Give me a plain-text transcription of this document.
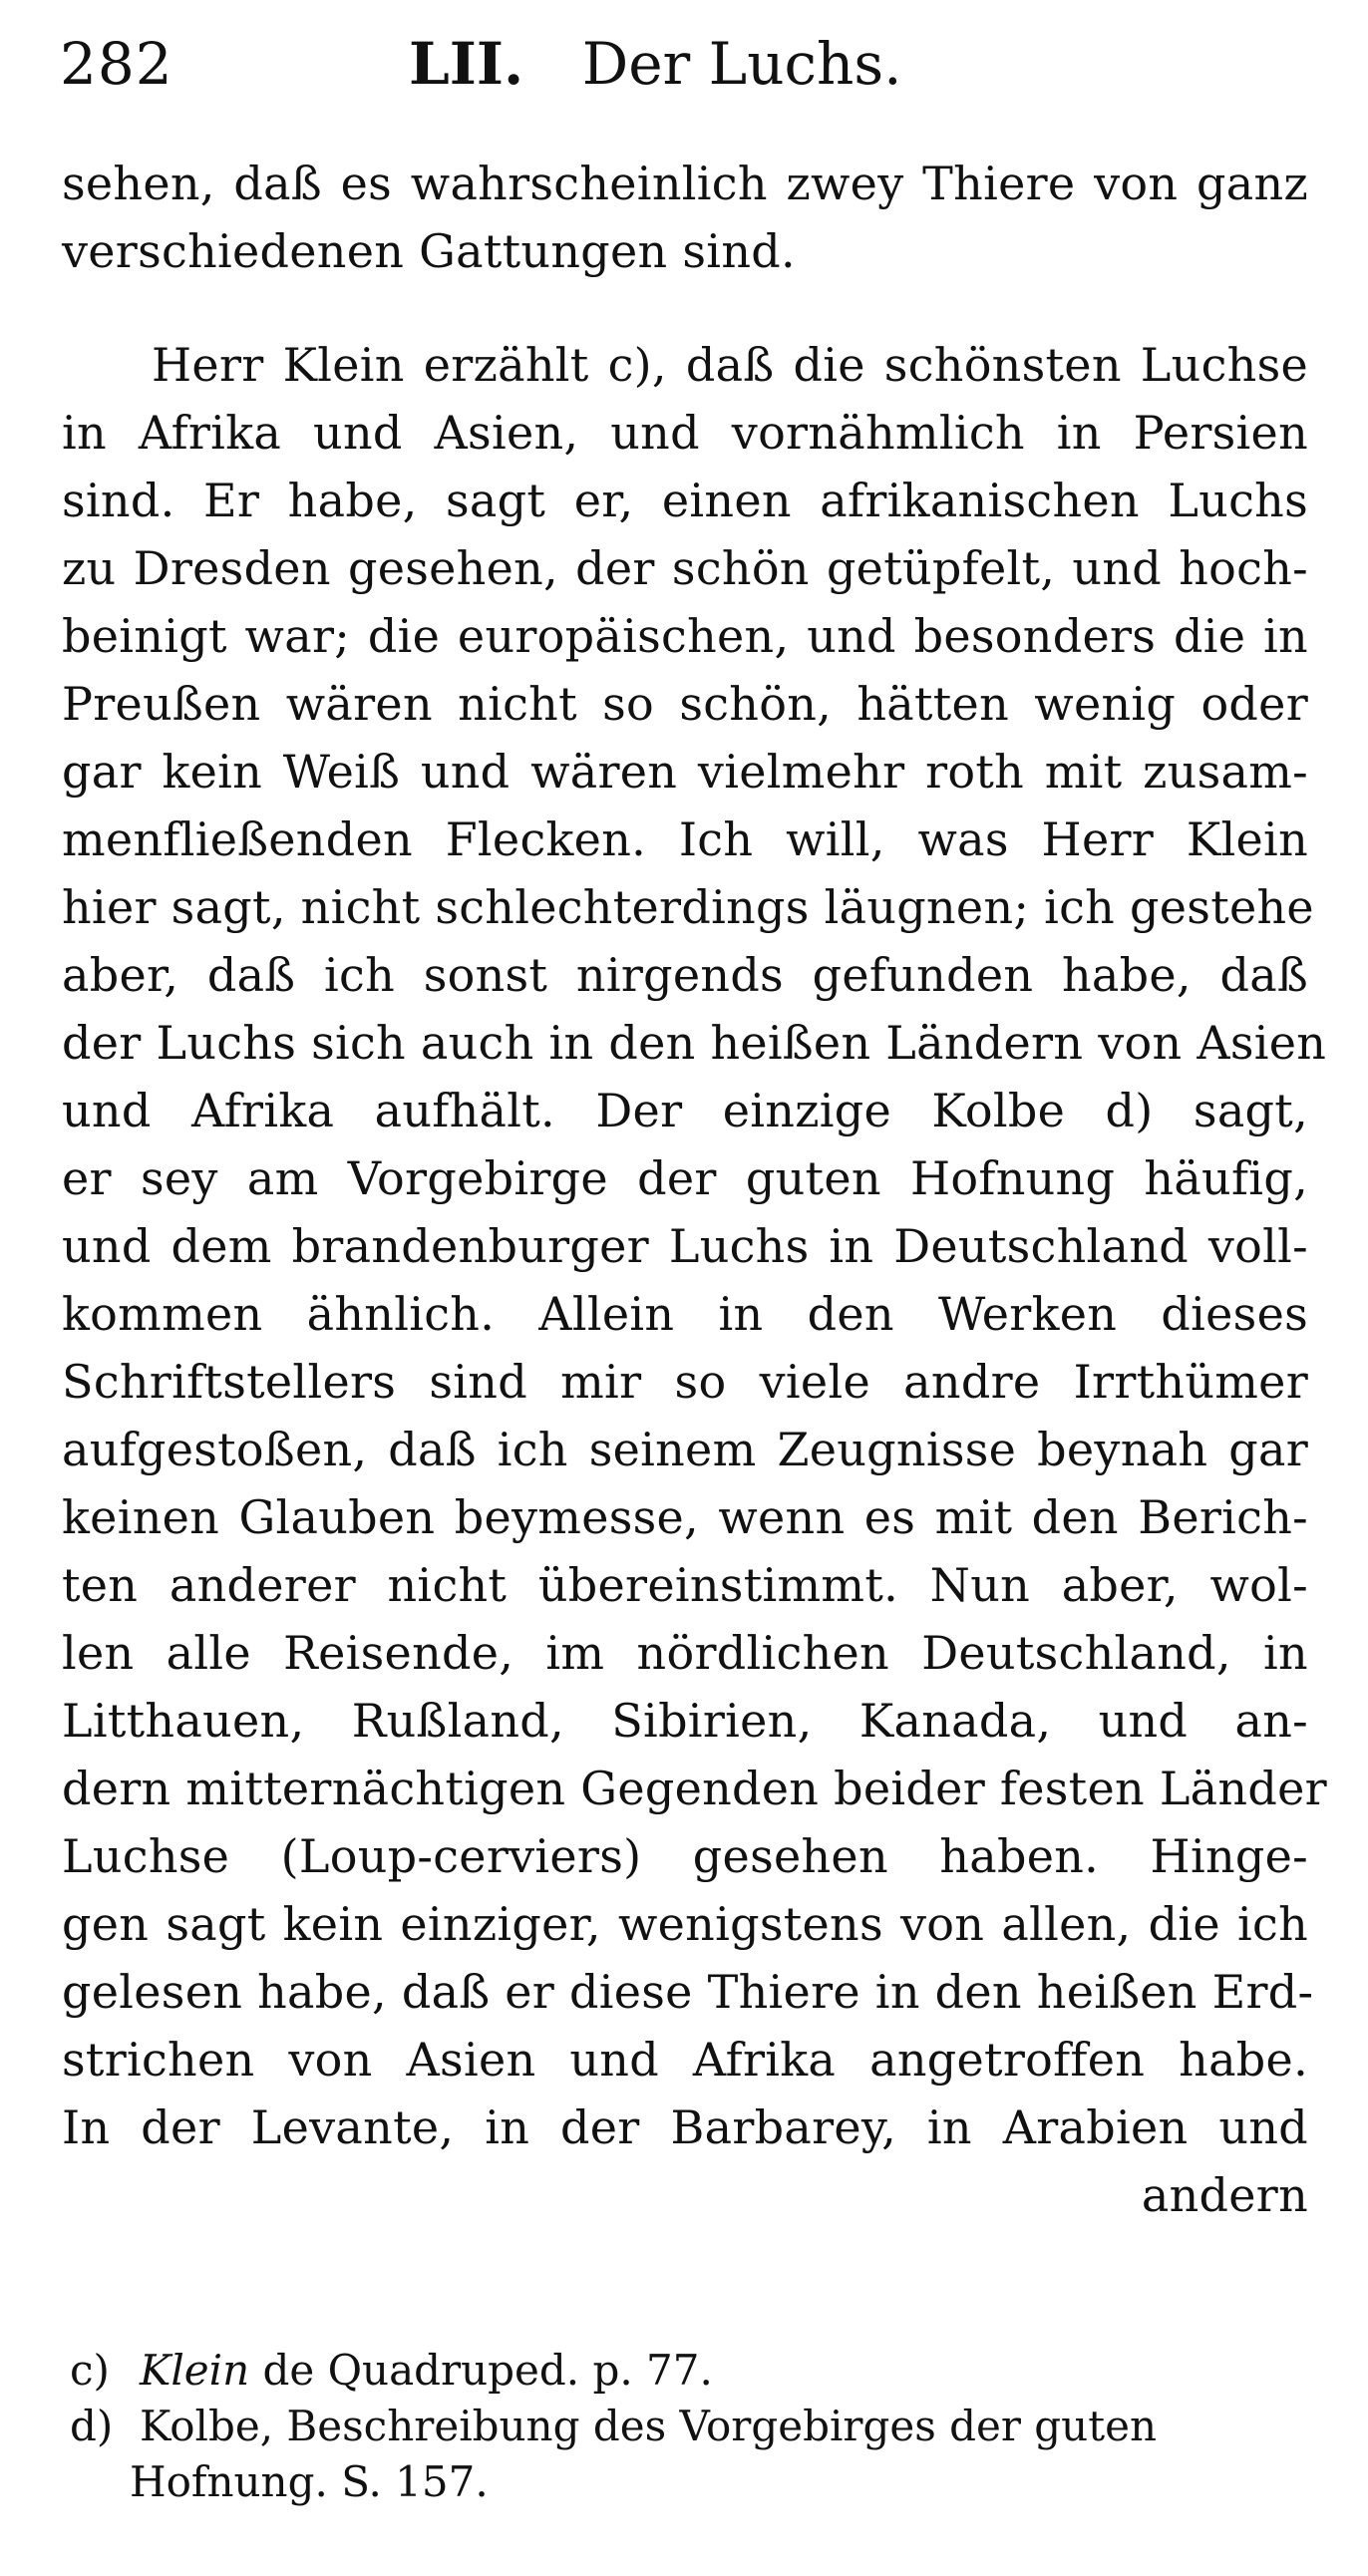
282	LII. Der Luchs.
sehen, daß es wahrscheinlich zwey Thiere von ganz
verschiedenen Gattungen sind.
Herr Klein erzählt c), daß die schönsten Luchse
in Afrika und Asien, und vornähmlich in Persien
sind. Er habe, sagt er, einen afrikanischen Luchs
zu Dresden gesehen, der schön getüpfelt, und hoch-
beinigt war; die europäischen, und besonders die in
Preußen wären nicht so schön, hätten wenig oder
gar kein Weiß und wären vielmehr roth mit zusam-
menfließenden Flecken. Ich will, was Herr Klein
hier sagt, nicht schlechterdings läugnen; ich gestehe
aber, daß ich sonst nirgends gefunden habe, daß
der Luchs sich auch in den heißen Ländern von Asien
und Afrika aufhält. Der einzige Kolbe d) sagt,
er sey am Vorgebirge der guten Hofnung häufig,
und dem brandenburger Luchs in Deutschland voll-
kommen ähnlich. Allein in den Werken dieses
Schriftstellers sind mir so viele andre Irrthümer
aufgestoßen, daß ich seinem Zeugnisse beynah gar
keinen Glauben beymesse, wenn es mit den Berich-
ten anderer nicht übereinstimmt. Nun aber, wol-
len alle Reisende, im nördlichen Deutschland, in
Litthauen, Rußland, Sibirien, Kanada, und an-
dern mitternächtigen Gegenden beider festen Länder
Luchse (Loup-cerviers) gesehen haben. Hinge-
gen sagt kein einziger, wenigstens von allen, die ich
gelesen habe, daß er diese Thiere in den heißen Erd-
strichen von Asien und Afrika angetroffen habe.
In der Levante, in der Barbarey, in Arabien und
andern
c) Klein de Quadruped. p. 77.
d) Kolbe, Beschreibung des Vorgebirges der guten
Hofnung. S. 157.
